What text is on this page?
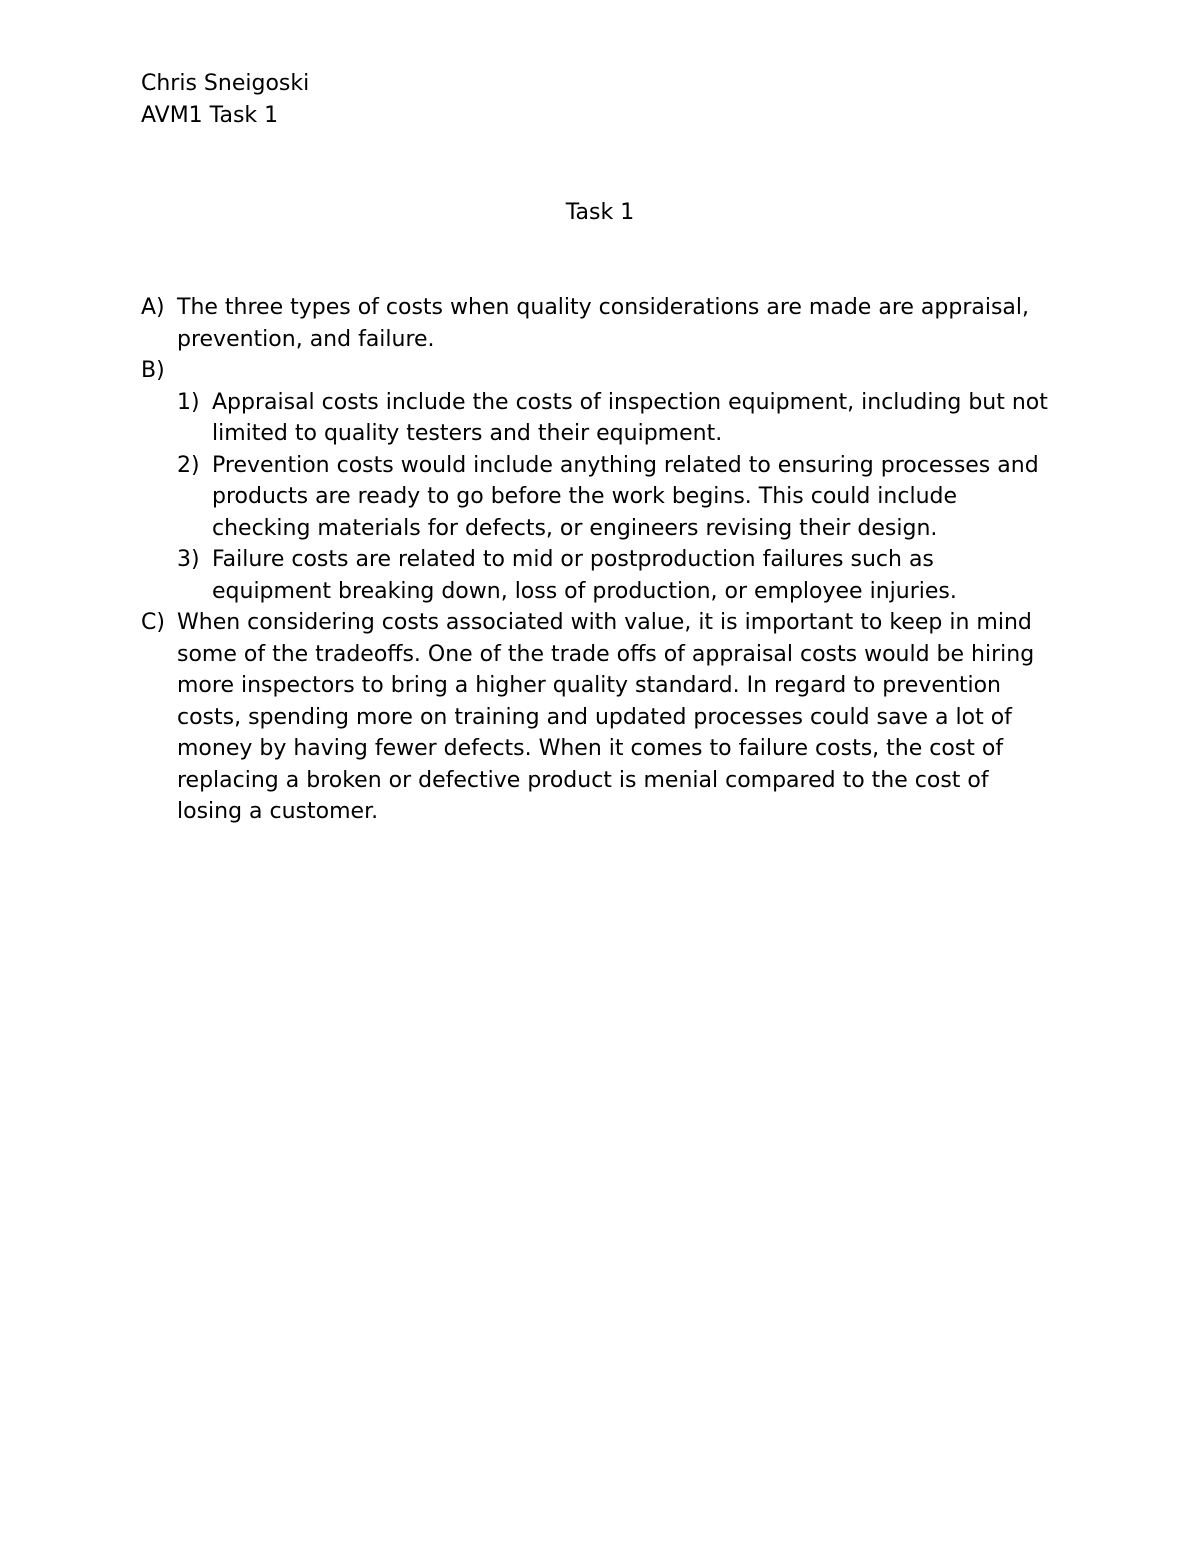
Chris Sneigoski
AVM1 Task 1
Task 1
A) The three types of costs when quality considerations are made are appraisal, prevention, and failure.
B)

1) Appraisal costs include the costs of inspection equipment, including but not limited to quality testers and their equipment.
2) Prevention costs would include anything related to ensuring processes and products are ready to go before the work begins. This could include checking materials for defects, or engineers revising their design.
3) Failure costs are related to mid or postproduction failures such as equipment breaking down, loss of production, or employee injuries.
C) When considering costs associated with value, it is important to keep in mind some of the tradeoffs. One of the trade offs of appraisal costs would be hiring more inspectors to bring a higher quality standard. In regard to prevention costs, spending more on training and updated processes could save a lot of money by having fewer defects. When it comes to failure costs, the cost of replacing a broken or defective product is menial compared to the cost of losing a customer.
